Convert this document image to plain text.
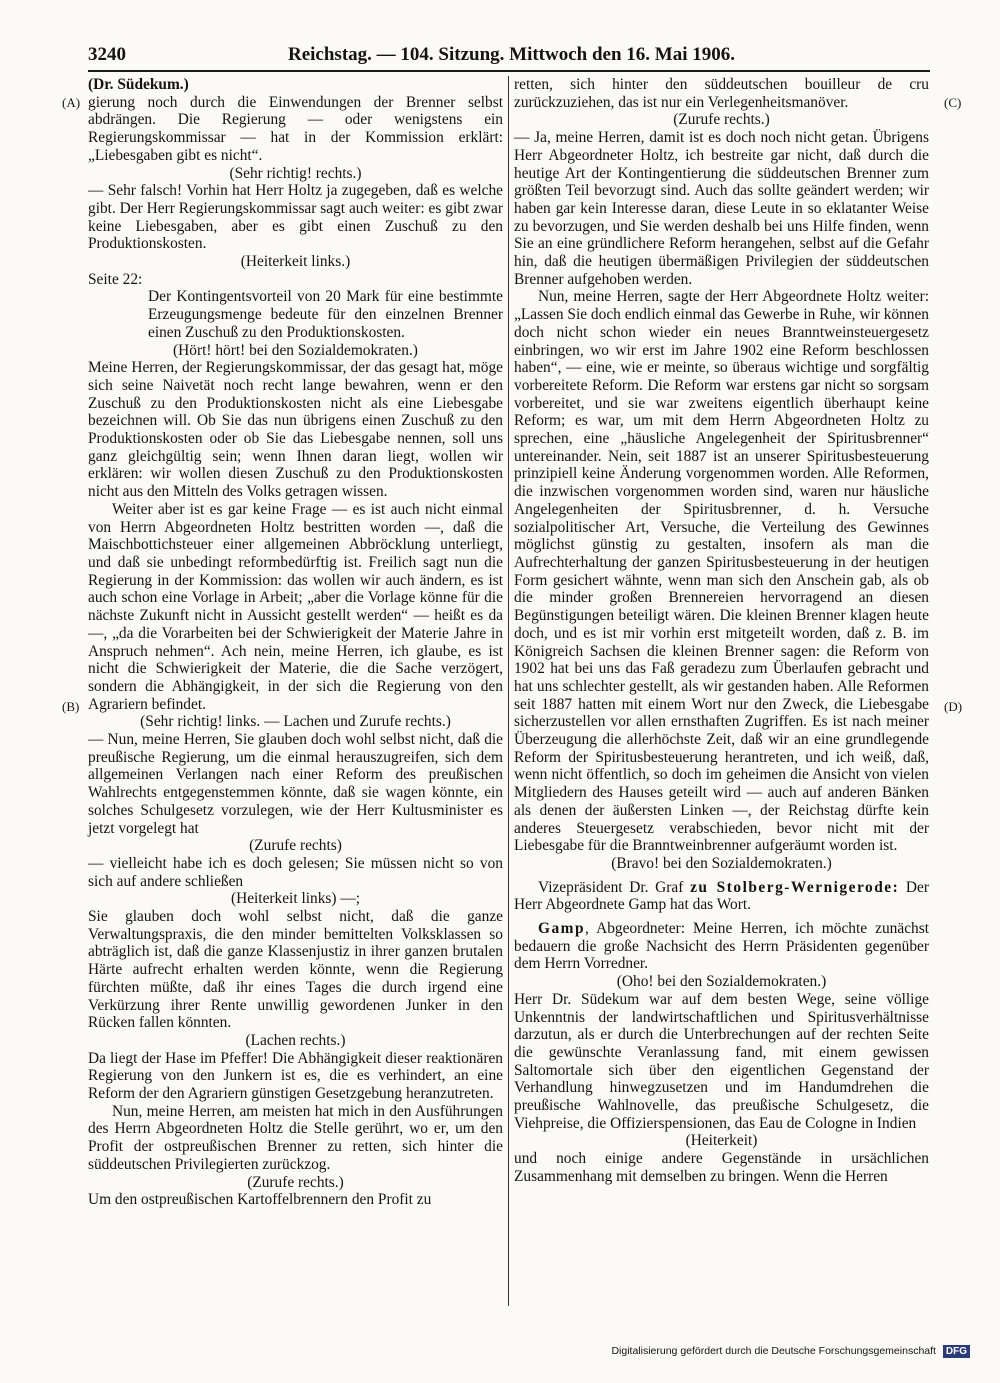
3240	Reichstag. — 104. Sitzung. Mittwoch den 16. Mai 1906.
(A)
(B)
(C)
(D)

(Dr. Südekum.)

gierung noch durch die Einwendungen der Brenner selbst abdrängen. Die Regierung — oder wenigstens ein Regierungskommissar — hat in der Kommission erklärt: „Liebesgaben gibt es nicht“.

(Sehr richtig! rechts.)

— Sehr falsch! Vorhin hat Herr Holtz ja zugegeben, daß es welche gibt. Der Herr Regierungskommissar sagt auch weiter: es gibt zwar keine Liebesgaben, aber es gibt einen Zuschuß zu den Produktionskosten.

(Heiterkeit links.)

Seite 22:

Der Kontingentsvorteil von 20 Mark für eine bestimmte Erzeugungsmenge bedeute für den einzelnen Brenner einen Zuschuß zu den Produktionskosten.

(Hört! hört! bei den Sozialdemokraten.)

Meine Herren, der Regierungskommissar, der das gesagt hat, möge sich seine Naivetät noch recht lange bewahren, wenn er den Zuschuß zu den Produktionskosten nicht als eine Liebesgabe bezeichnen will. Ob Sie das nun übrigens einen Zuschuß zu den Produktionskosten oder ob Sie das Liebesgabe nennen, soll uns ganz gleichgültig sein; wenn Ihnen daran liegt, wollen wir erklären: wir wollen diesen Zuschuß zu den Produktionskosten nicht aus den Mitteln des Volks getragen wissen.

Weiter aber ist es gar keine Frage — es ist auch nicht einmal von Herrn Abgeordneten Holtz bestritten worden —, daß die Maischbottichsteuer einer allgemeinen Abbröcklung unterliegt, und daß sie unbedingt reformbedürftig ist. Freilich sagt nun die Regierung in der Kommission: das wollen wir auch ändern, es ist auch schon eine Vorlage in Arbeit; „aber die Vorlage könne für die nächste Zukunft nicht in Aussicht gestellt werden“ — heißt es da —, „da die Vorarbeiten bei der Schwierigkeit der Materie Jahre in Anspruch nehmen“. Ach nein, meine Herren, ich glaube, es ist nicht die Schwierigkeit der Materie, die die Sache verzögert, sondern die Abhängigkeit, in der sich die Regierung von den Agrariern befindet.

(Sehr richtig! links. — Lachen und Zurufe rechts.)

— Nun, meine Herren, Sie glauben doch wohl selbst nicht, daß die preußische Regierung, um die einmal herauszugreifen, sich dem allgemeinen Verlangen nach einer Reform des preußischen Wahlrechts entgegenstemmen könnte, daß sie wagen könnte, ein solches Schulgesetz vorzulegen, wie der Herr Kultusminister es jetzt vorgelegt hat

(Zurufe rechts)

— vielleicht habe ich es doch gelesen; Sie müssen nicht so von sich auf andere schließen

(Heiterkeit links) —;

Sie glauben doch wohl selbst nicht, daß die ganze Verwaltungspraxis, die den minder bemittelten Volksklassen so abträglich ist, daß die ganze Klassenjustiz in ihrer ganzen brutalen Härte aufrecht erhalten werden könnte, wenn die Regierung fürchten müßte, daß ihr eines Tages die durch irgend eine Verkürzung ihrer Rente unwillig gewordenen Junker in den Rücken fallen könnten.

(Lachen rechts.)

Da liegt der Hase im Pfeffer! Die Abhängigkeit dieser reaktionären Regierung von den Junkern ist es, die es verhindert, an eine Reform der den Agrariern günstigen Gesetzgebung heranzutreten.

Nun, meine Herren, am meisten hat mich in den Ausführungen des Herrn Abgeordneten Holtz die Stelle gerührt, wo er, um den Profit der ostpreußischen Brenner zu retten, sich hinter die süddeutschen Privilegierten zurückzog.

(Zurufe rechts.)

Um den ostpreußischen Kartoffelbrennern den Profit zu

retten, sich hinter den süddeutschen bouilleur de cru zurückzuziehen, das ist nur ein Verlegenheitsmanöver.

(Zurufe rechts.)

— Ja, meine Herren, damit ist es doch noch nicht getan. Übrigens Herr Abgeordneter Holtz, ich bestreite gar nicht, daß durch die heutige Art der Kontingentierung die süddeutschen Brenner zum größten Teil bevorzugt sind. Auch das sollte geändert werden; wir haben gar kein Interesse daran, diese Leute in so eklatanter Weise zu bevorzugen, und Sie werden deshalb bei uns Hilfe finden, wenn Sie an eine gründlichere Reform herangehen, selbst auf die Gefahr hin, daß die heutigen übermäßigen Privilegien der süddeutschen Brenner aufgehoben werden.

Nun, meine Herren, sagte der Herr Abgeordnete Holtz weiter: „Lassen Sie doch endlich einmal das Gewerbe in Ruhe, wir können doch nicht schon wieder ein neues Branntweinsteuergesetz einbringen, wo wir erst im Jahre 1902 eine Reform beschlossen haben“, — eine, wie er meinte, so überaus wichtige und sorgfältig vorbereitete Reform. Die Reform war erstens gar nicht so sorgsam vorbereitet, und sie war zweitens eigentlich überhaupt keine Reform; es war, um mit dem Herrn Abgeordneten Holtz zu sprechen, eine „häusliche Angelegenheit der Spiritusbrenner“ untereinander. Nein, seit 1887 ist an unserer Spiritusbesteuerung prinzipiell keine Änderung vorgenommen worden. Alle Reformen, die inzwischen vorgenommen worden sind, waren nur häusliche Angelegenheiten der Spiritusbrenner, d. h. Versuche sozialpolitischer Art, Versuche, die Verteilung des Gewinnes möglichst günstig zu gestalten, insofern als man die Aufrechterhaltung der ganzen Spiritusbesteuerung in der heutigen Form gesichert wähnte, wenn man sich den Anschein gab, als ob die minder großen Brennereien hervorragend an diesen Begünstigungen beteiligt wären. Die kleinen Brenner klagen heute doch, und es ist mir vorhin erst mitgeteilt worden, daß z. B. im Königreich Sachsen die kleinen Brenner sagen: die Reform von 1902 hat bei uns das Faß geradezu zum Überlaufen gebracht und hat uns schlechter gestellt, als wir gestanden haben. Alle Reformen seit 1887 hatten mit einem Wort nur den Zweck, die Liebesgabe sicherzustellen vor allen ernsthaften Zugriffen. Es ist nach meiner Überzeugung die allerhöchste Zeit, daß wir an eine grundlegende Reform der Spiritusbesteuerung herantreten, und ich weiß, daß, wenn nicht öffentlich, so doch im geheimen die Ansicht von vielen Mitgliedern des Hauses geteilt wird — auch auf anderen Bänken als denen der äußersten Linken —, der Reichstag dürfte kein anderes Steuergesetz verabschieden, bevor nicht mit der Liebesgabe für die Branntweinbrenner aufgeräumt worden ist.

(Bravo! bei den Sozialdemokraten.)

Vizepräsident Dr. Graf zu Stolberg-Wernigerode: Der Herr Abgeordnete Gamp hat das Wort.

Gamp, Abgeordneter: Meine Herren, ich möchte zunächst bedauern die große Nachsicht des Herrn Präsidenten gegenüber dem Herrn Vorredner.

(Oho! bei den Sozialdemokraten.)

Herr Dr. Südekum war auf dem besten Wege, seine völlige Unkenntnis der landwirtschaftlichen und Spiritusverhältnisse darzutun, als er durch die Unterbrechungen auf der rechten Seite die gewünschte Veranlassung fand, mit einem gewissen Saltomortale sich über den eigentlichen Gegenstand der Verhandlung hinwegzusetzen und im Handumdrehen die preußische Wahlnovelle, das preußische Schulgesetz, die Viehpreise, die Offizierspensionen, das Eau de Cologne in Indien

(Heiterkeit)

und noch einige andere Gegenstände in ursächlichen Zusammenhang mit demselben zu bringen. Wenn die Herren

Digitalisierung gefördert durch die Deutsche Forschungsgemeinschaft DFG
